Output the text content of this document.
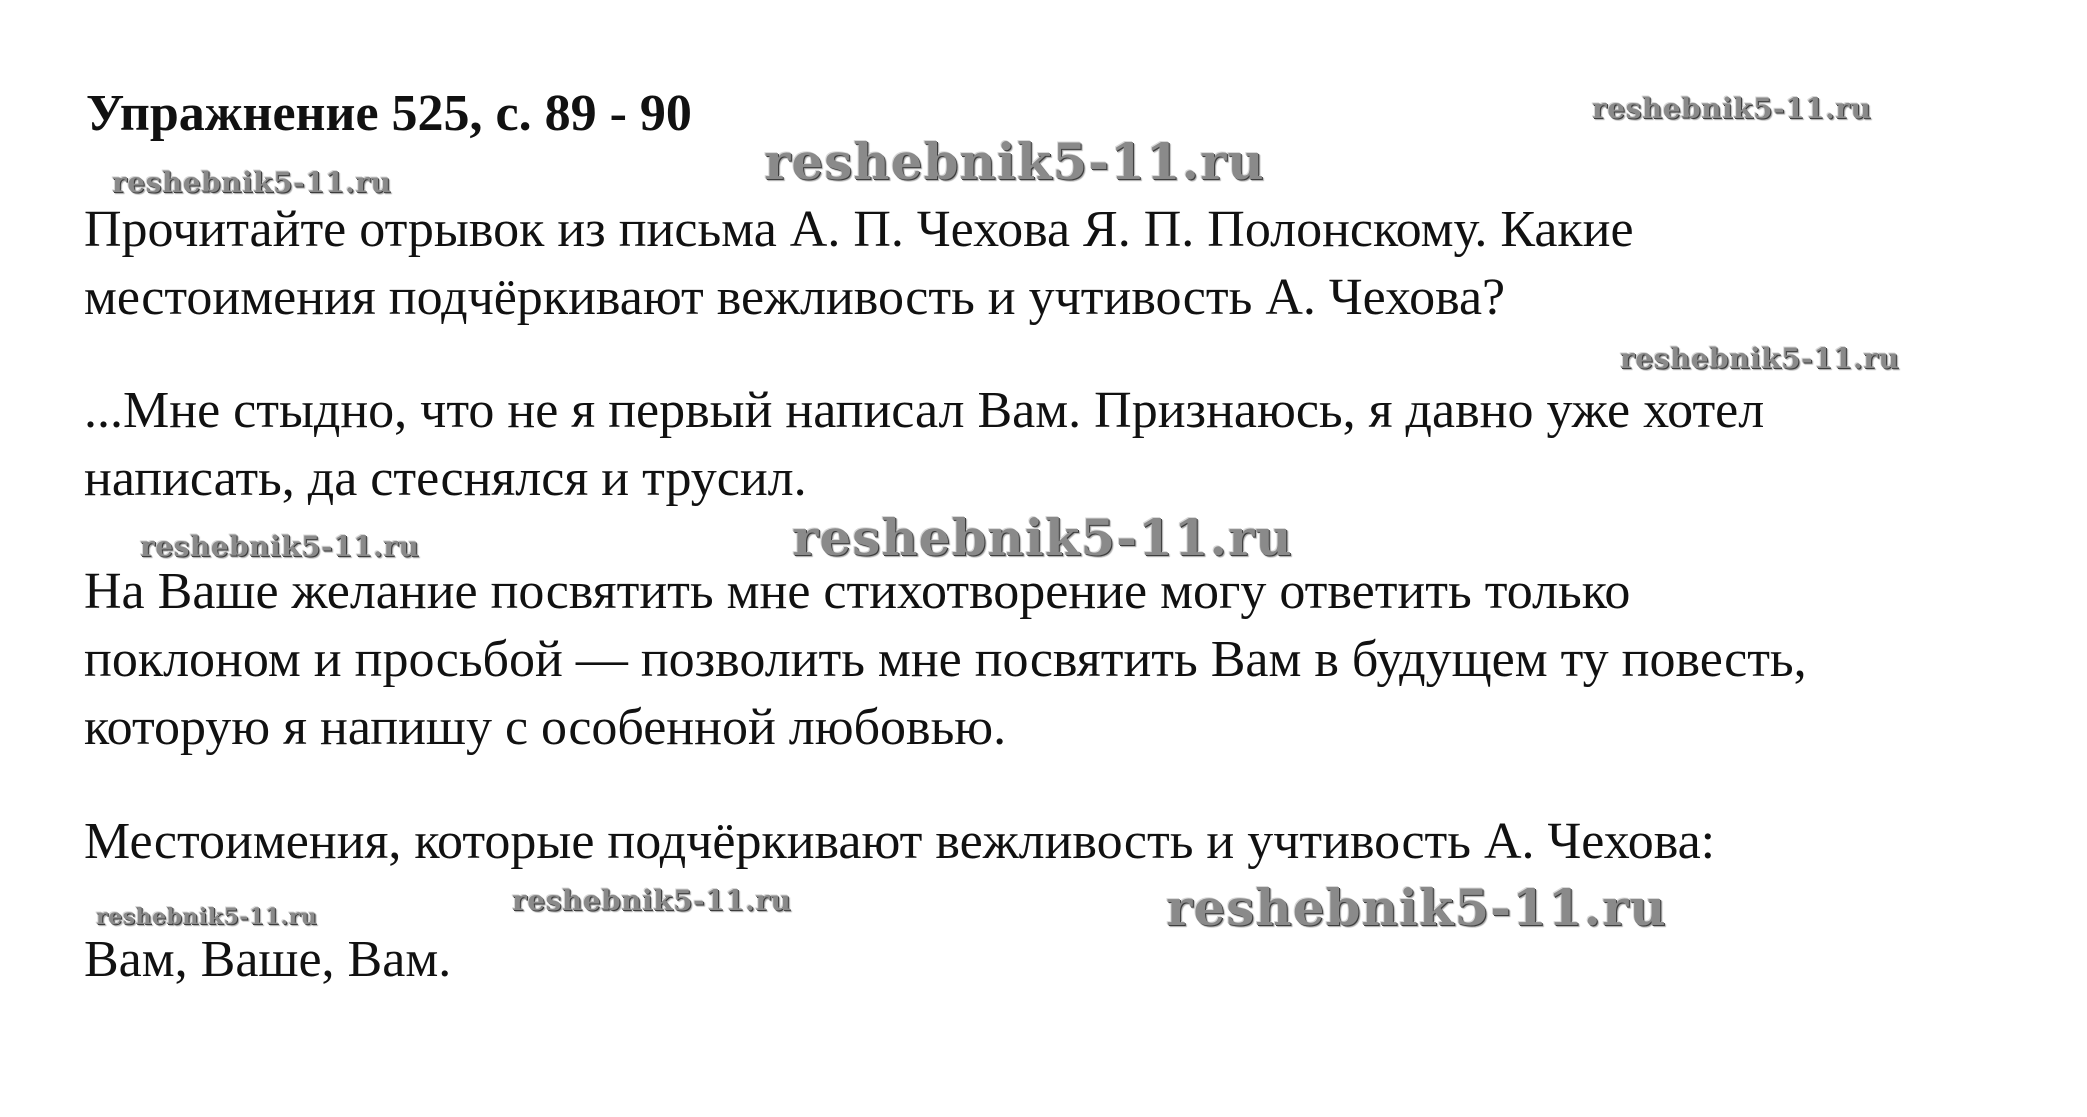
Упражнение 525, с. 89 - 90
Прочитайте отрывок из письма А. П. Чехова Я. П. Полонскому. Какие
местоимения подчёркивают вежливость и учтивость А. Чехова?
...Мне стыдно, что не я первый написал Вам. Признаюсь, я давно уже хотел
написать, да стеснялся и трусил.
На Ваше желание посвятить мне стихотворение могу ответить только
поклоном и просьбой — позволить мне посвятить Вам в будущем ту повесть,
которую я напишу с особенной любовью.
Местоимения, которые подчёркивают вежливость и учтивость А. Чехова:
Вам, Ваше, Вам.
reshebnik5-11.ru
reshebnik5-11.ru
reshebnik5-11.ru
reshebnik5-11.ru
reshebnik5-11.ru
reshebnik5-11.ru
reshebnik5-11.ru	reshebnik5-11.ru
reshebnik5-11.ru
